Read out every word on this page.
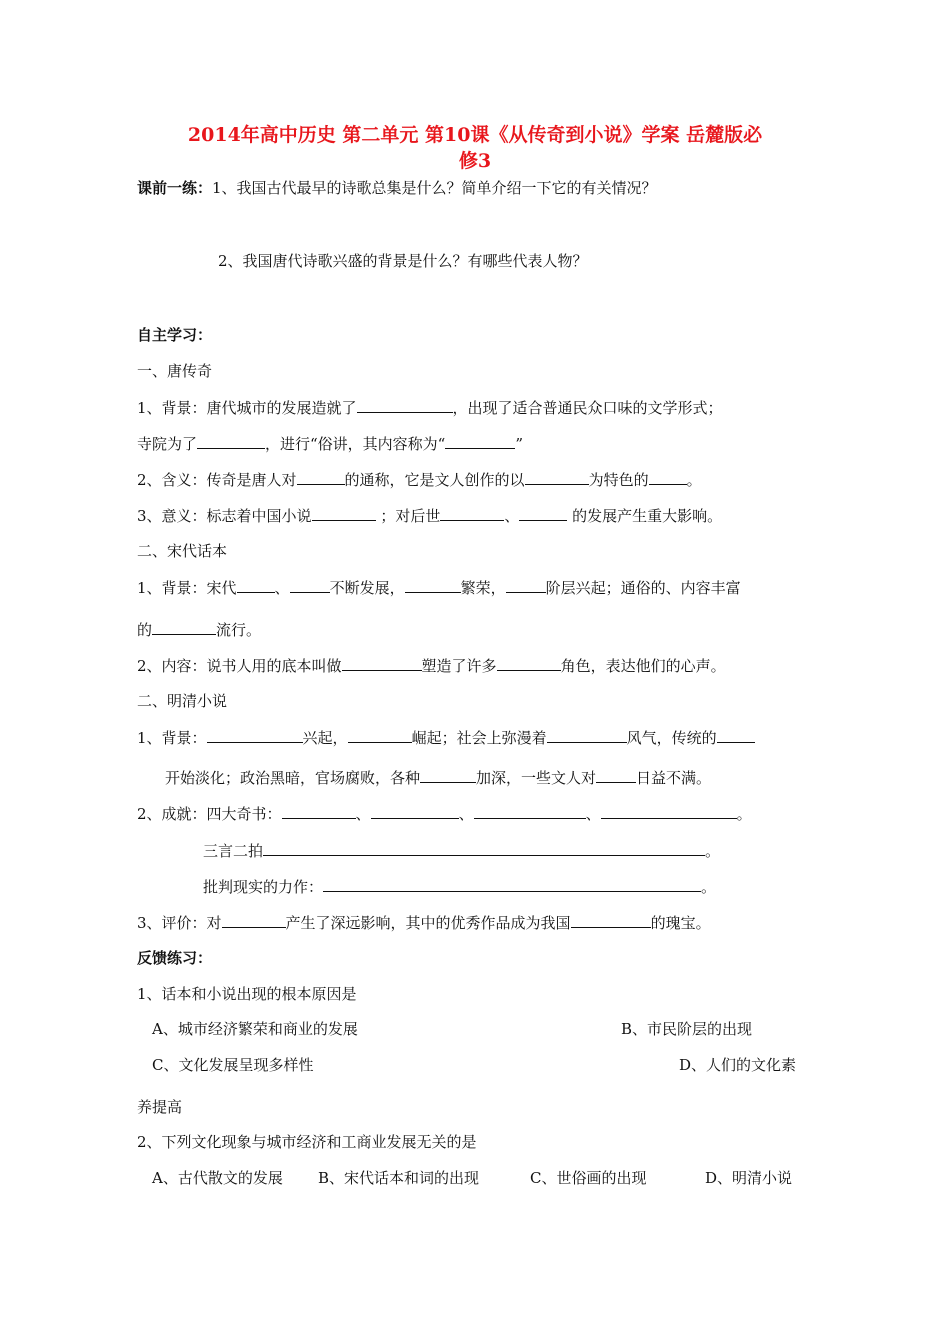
2014年高中历史 第二单元 第10课《从传奇到小说》学案 岳麓版必
修3
课前一练：1、我国古代最早的诗歌总集是什么？简单介绍一下它的有关情况？
2、我国唐代诗歌兴盛的背景是什么？有哪些代表人物？
自主学习：
一、唐传奇
1、背景：唐代城市的发展造就了	，出现了适合普通民众口味的文学形式；
寺院为了	，进行“俗讲，其内容称为“	”
2、含义：传奇是唐人对	的通称，它是文人创作的以	为特色的	。
3、意义：标志着中国小说	；对后世	、	的发展产生重大影响。
二、宋代话本
1、背景：宋代	、	不断发展，	繁荣，	阶层兴起；通俗的、内容丰富
的	流行。
2、内容：说书人用的底本叫做	塑造了许多	角色，表达他们的心声。
二、明清小说
1、背景：	兴起，	崛起；社会上弥漫着	风气，传统的
开始淡化；政治黑暗，官场腐败，各种	加深，一些文人对	日益不满。
2、成就：四大奇书：	、	、	、	。
三言二拍	。
批判现实的力作：	。
3、评价：对	产生了深远影响，其中的优秀作品成为我国	的瑰宝。
反馈练习：
1、话本和小说出现的根本原因是
A、城市经济繁荣和商业的发展	B、市民阶层的出现
C、文化发展呈现多样性	D、人们的文化素
养提高
2、下列文化现象与城市经济和工商业发展无关的是
A、古代散文的发展 B、宋代话本和词的出现	C、世俗画的出现	D、明清小说
